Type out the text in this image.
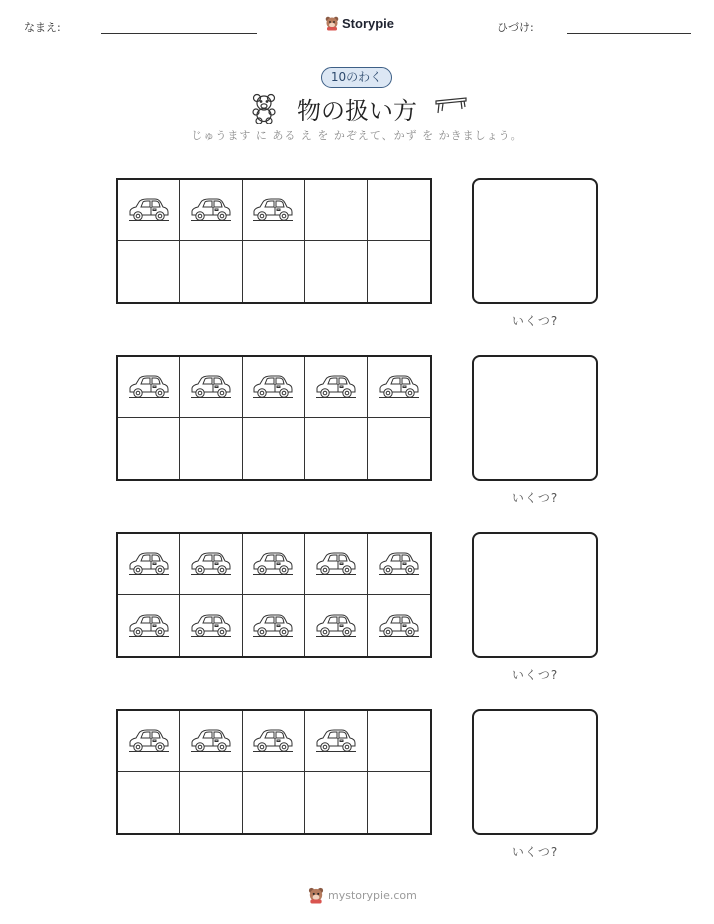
なまえ:	Storypie	ひづけ:
10のわく
物の扱い方
じゅうます に ある え を かぞえて、かず を かきましょう。
いくつ?
いくつ?
いくつ?
いくつ?
mystorypie.com
